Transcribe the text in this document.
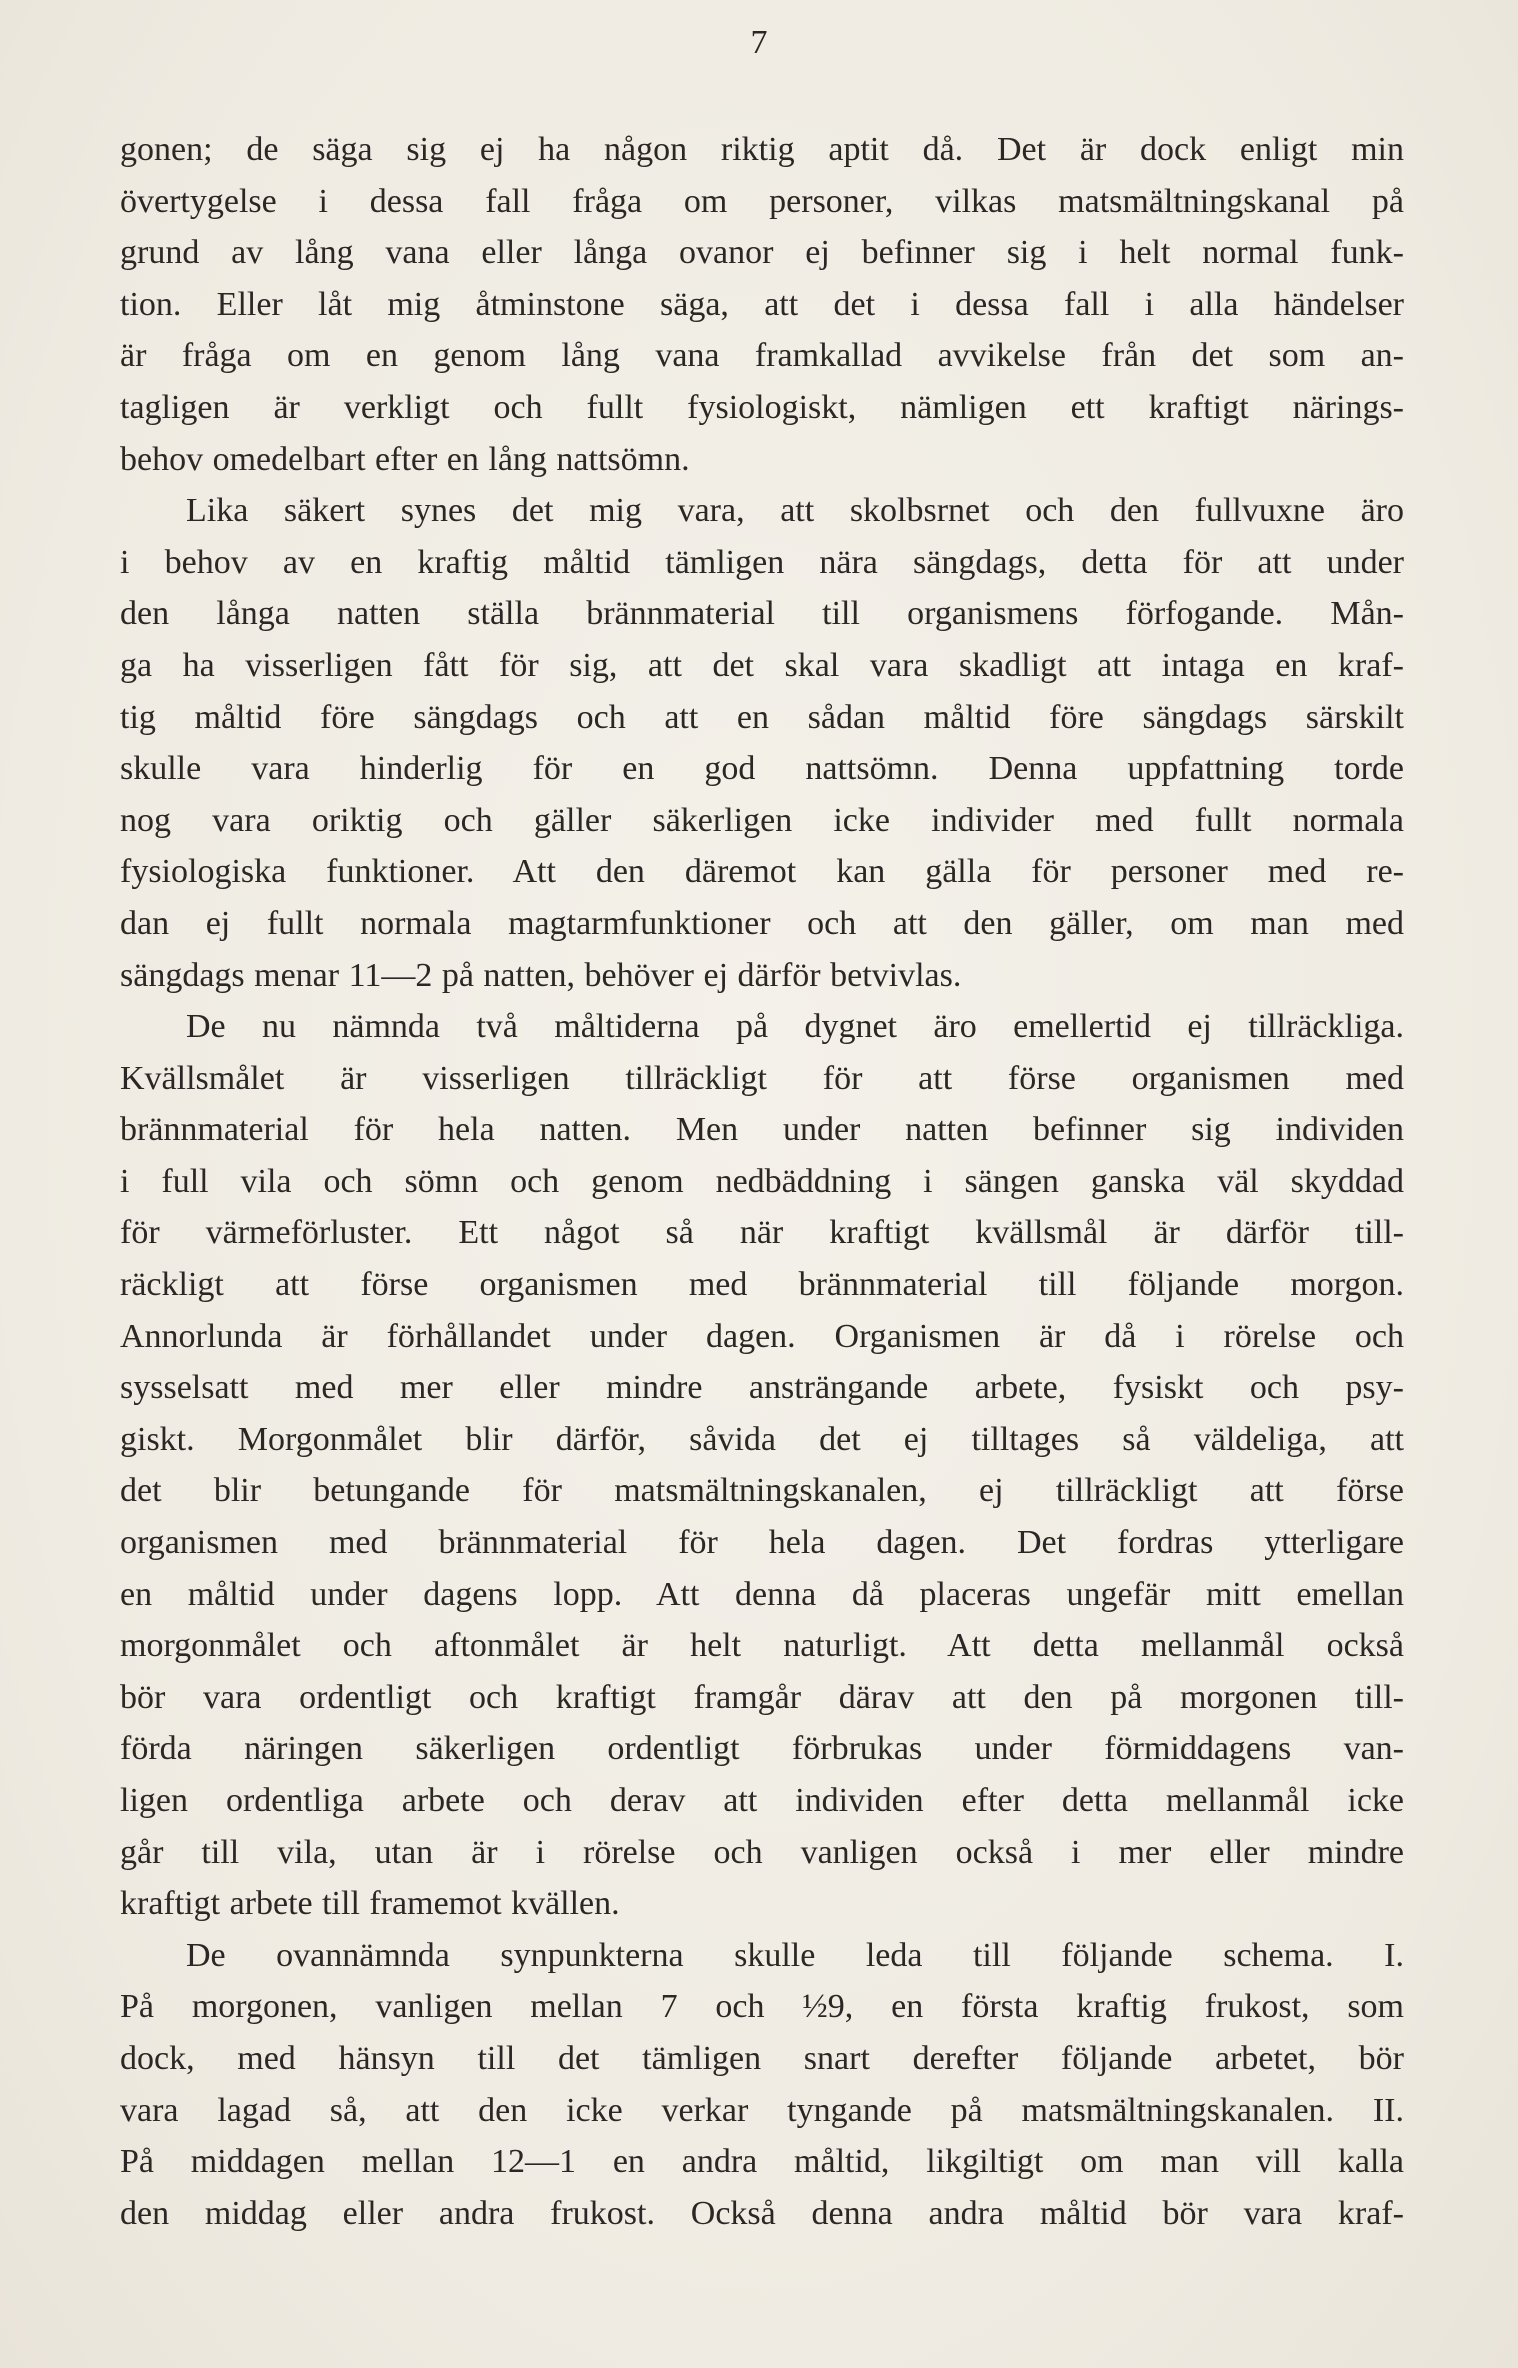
7
gonen; de säga sig ej ha någon riktig aptit då. Det är dock enligt min
övertygelse i dessa fall fråga om personer, vilkas matsmältningskanal på
grund av lång vana eller långa ovanor ej befinner sig i helt normal funk-
tion. Eller låt mig åtminstone säga, att det i dessa fall i alla händelser
är fråga om en genom lång vana framkallad avvikelse från det som an-
tagligen är verkligt och fullt fysiologiskt, nämligen ett kraftigt närings-
behov omedelbart efter en lång nattsömn.
Lika säkert synes det mig vara, att skolbsrnet och den fullvuxne äro
i behov av en kraftig måltid tämligen nära sängdags, detta för att under
den långa natten ställa brännmaterial till organismens förfogande. Mån-
ga ha visserligen fått för sig, att det skal vara skadligt att intaga en kraf-
tig måltid före sängdags och att en sådan måltid före sängdags särskilt
skulle vara hinderlig för en god nattsömn. Denna uppfattning torde
nog vara oriktig och gäller säkerligen icke individer med fullt normala
fysiologiska funktioner. Att den däremot kan gälla för personer med re-
dan ej fullt normala magtarmfunktioner och att den gäller, om man med
sängdags menar 11—2 på natten, behöver ej därför betvivlas.
De nu nämnda två måltiderna på dygnet äro emellertid ej tillräckliga.
Kvällsmålet är visserligen tillräckligt för att förse organismen med
brännmaterial för hela natten. Men under natten befinner sig individen
i full vila och sömn och genom nedbäddning i sängen ganska väl skyddad
för värmeförluster. Ett något så när kraftigt kvällsmål är därför till-
räckligt att förse organismen med brännmaterial till följande morgon.
Annorlunda är förhållandet under dagen. Organismen är då i rörelse och
sysselsatt med mer eller mindre ansträngande arbete, fysiskt och psy-
giskt. Morgonmålet blir därför, såvida det ej tilltages så väldeliga, att
det blir betungande för matsmältningskanalen, ej tillräckligt att förse
organismen med brännmaterial för hela dagen. Det fordras ytterligare
en måltid under dagens lopp. Att denna då placeras ungefär mitt emellan
morgonmålet och aftonmålet är helt naturligt. Att detta mellanmål också
bör vara ordentligt och kraftigt framgår därav att den på morgonen till-
förda näringen säkerligen ordentligt förbrukas under förmiddagens van-
ligen ordentliga arbete och derav att individen efter detta mellanmål icke
går till vila, utan är i rörelse och vanligen också i mer eller mindre
kraftigt arbete till framemot kvällen.
De ovannämnda synpunkterna skulle leda till följande schema. I.
På morgonen, vanligen mellan 7 och ½9, en första kraftig frukost, som
dock, med hänsyn till det tämligen snart derefter följande arbetet, bör
vara lagad så, att den icke verkar tyngande på matsmältningskanalen. II.
På middagen mellan 12—1 en andra måltid, likgiltigt om man vill kalla
den middag eller andra frukost. Också denna andra måltid bör vara kraf-
